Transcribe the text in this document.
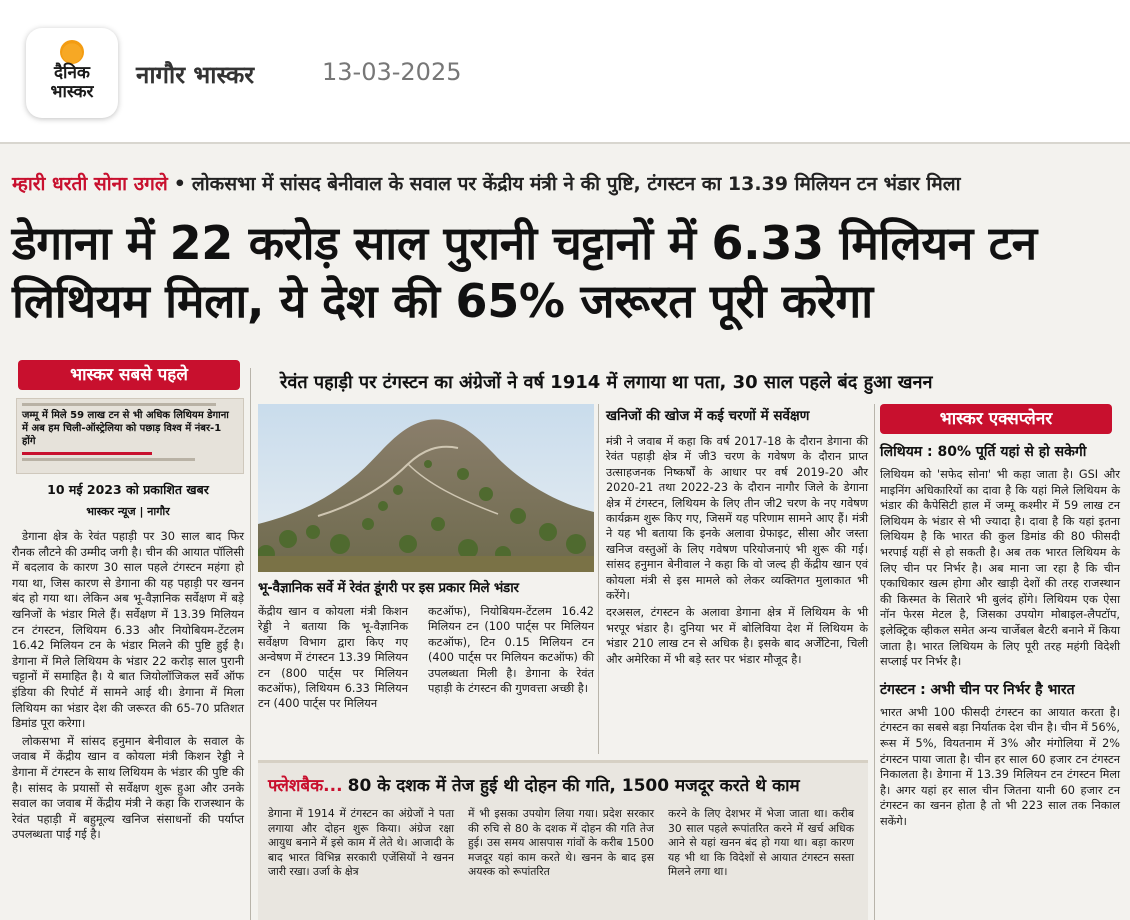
दैनिक
भास्कर
नागौर भास्कर	13-03-2025
म्हारी धरती सोना उगले • लोकसभा में सांसद बेनीवाल के सवाल पर केंद्रीय मंत्री ने की पुष्टि, टंगस्टन का 13.39 मिलियन टन भंडार मिला
डेगाना में 22 करोड़ साल पुरानी चट्टानों में 6.33 मिलियन टन लिथियम मिला, ये देश की 65% जरूरत पूरी करेगा
भास्कर सबसे पहले
जम्मू में मिले 59 लाख टन से भी अधिक लिथियम डेगाना में अब हम चिली-ऑस्ट्रेलिया को पछाड़ विश्व में नंबर-1 होंगे
10 मई 2023 को प्रकाशित खबर
भास्कर न्यूज | नागौर

डेगाना क्षेत्र के रेवंत पहाड़ी पर 30 साल बाद फिर रौनक लौटने की उम्मीद जगी है। चीन की आयात पॉलिसी में बदलाव के कारण 30 साल पहले टंगस्टन महंगा हो गया था, जिस कारण से डेगाना की यह पहाड़ी पर खनन बंद हो गया था। लेकिन अब भू-वैज्ञानिक सर्वेक्षण में बड़े खनिजों के भंडार मिले हैं। सर्वेक्षण में 13.39 मिलियन टन टंगस्टन, लिथियम 6.33 और नियोबियम-टेंटलम 16.42 मिलियन टन के भंडार मिलने की पुष्टि हुई है। डेगाना में मिले लिथियम के भंडार 22 करोड़ साल पुरानी चट्टानों में समाहित है। ये बात जियोलॉजिकल सर्वे ऑफ इंडिया की रिपोर्ट में सामने आई थी। डेगाना में मिला लिथियम का भंडार देश की जरूरत की 65-70 प्रतिशत डिमांड पूरा करेगा।

लोकसभा में सांसद हनुमान बेनीवाल के सवाल के जवाब में केंद्रीय खान व कोयला मंत्री किशन रेड्डी ने डेगाना में टंगस्टन के साथ लिथियम के भंडार की पुष्टि की है। सांसद के प्रयासों से सर्वेक्षण शुरू हुआ और उनके सवाल का जवाब में केंद्रीय मंत्री ने कहा कि राजस्थान के रेवंत पहाड़ी में बहुमूल्य खनिज संसाधनों की पर्याप्त उपलब्धता पाई गई है।

रेवंत पहाड़ी पर टंगस्टन का अंग्रेजों ने वर्ष 1914 में लगाया था पता, 30 साल पहले बंद हुआ खनन
भू-वैज्ञानिक सर्वे में रेवंत डूंगरी पर इस प्रकार मिले भंडार
केंद्रीय खान व कोयला मंत्री किशन रेड्डी ने बताया कि भू-वैज्ञानिक सर्वेक्षण विभाग द्वारा किए गए अन्वेषण में टंगस्टन 13.39 मिलियन टन (800 पार्ट्स पर मिलियन कटऑफ), लिथियम 6.33 मिलियन टन (400 पार्ट्स पर मिलियन
कटऑफ), नियोबियम-टेंटलम 16.42 मिलियन टन (100 पार्ट्स पर मिलियन कटऑफ), टिन 0.15 मिलियन टन (400 पार्ट्स पर मिलियन कटऑफ) की उपलब्धता मिली है। डेगाना के रेवंत पहाड़ी के टंगस्टन की गुणवत्ता अच्छी है।
खनिजों की खोज में कई चरणों में सर्वेक्षण

मंत्री ने जवाब में कहा कि वर्ष 2017-18 के दौरान डेगाना की रेवंत पहाड़ी क्षेत्र में जी3 चरण के गवेषण के दौरान प्राप्त उत्साहजनक निष्कर्षों के आधार पर वर्ष 2019-20 और 2020-21 तथा 2022-23 के दौरान नागौर जिले के डेगाना क्षेत्र में टंगस्टन, लिथियम के लिए तीन जी2 चरण के नए गवेषण कार्यक्रम शुरू किए गए, जिसमें यह परिणाम सामने आए हैं। मंत्री ने यह भी बताया कि इनके अलावा ग्रेफाइट, सीसा और जस्ता खनिज वस्तुओं के लिए गवेषण परियोजनाएं भी शुरू की गई। सांसद हनुमान बेनीवाल ने कहा कि वो जल्द ही केंद्रीय खान एवं कोयला मंत्री से इस मामले को लेकर व्यक्तिगत मुलाकात भी करेंगे।

दरअसल, टंगस्टन के अलावा डेगाना क्षेत्र में लिथियम के भी भरपूर भंडार है। दुनिया भर में बोलिविया देश में लिथियम के भंडार 210 लाख टन से अधिक है। इसके बाद अर्जेंटिना, चिली और अमेरिका में भी बड़े स्तर पर भंडार मौजूद है।

भास्कर एक्सप्लेनर
लिथियम : 80% पूर्ति यहां से हो सकेगी
लिथियम को 'सफेद सोना' भी कहा जाता है। GSI और माइनिंग अधिकारियों का दावा है कि यहां मिले लिथियम के भंडार की कैपेसिटी हाल में जम्मू कश्मीर में 59 लाख टन लिथियम के भंडार से भी ज्यादा है। दावा है कि यहां इतना लिथियम है कि भारत की कुल डिमांड की 80 फीसदी भरपाई यहीं से हो सकती है। अब तक भारत लिथियम के लिए चीन पर निर्भर है। अब माना जा रहा है कि चीन एकाधिकार खत्म होगा और खाड़ी देशों की तरह राजस्थान की किस्मत के सितारे भी बुलंद होंगे। लिथियम एक ऐसा नॉन फेरस मेटल है, जिसका उपयोग मोबाइल-लैपटॉप, इलेक्ट्रिक व्हीकल समेत अन्य चार्जेबल बैटरी बनाने में किया जाता है। भारत लिथियम के लिए पूरी तरह महंगी विदेशी सप्लाई पर निर्भर है।
टंगस्टन : अभी चीन पर निर्भर है भारत
भारत अभी 100 फीसदी टंगस्टन का आयात करता है। टंगस्टन का सबसे बड़ा निर्यातक देश चीन है। चीन में 56%, रूस में 5%, वियतनाम में 3% और मंगोलिया में 2% टंगस्टन पाया जाता है। चीन हर साल 60 हजार टन टंगस्टन निकालता है। डेगाना में 13.39 मिलियन टन टंगस्टन मिला है। अगर यहां हर साल चीन जितना यानी 60 हजार टन टंगस्टन का खनन होता है तो भी 223 साल तक निकाल सकेंगे।
फ्लेशबैक... 80 के दशक में तेज हुई थी दोहन की गति, 1500 मजदूर करते थे काम
डेगाना में 1914 में टंगस्टन का अंग्रेजों ने पता लगाया और दोहन शुरू किया। अंग्रेज रक्षा आयुध बनाने में इसे काम में लेते थे। आजादी के बाद भारत विभिन्न सरकारी एजेंसियों ने खनन जारी रखा। उर्जा के क्षेत्र
में भी इसका उपयोग लिया गया। प्रदेश सरकार की रुचि से 80 के दशक में दोहन की गति तेज हुई। उस समय आसपास गांवों के करीब 1500 मजदूर यहां काम करते थे। खनन के बाद इस अयस्क को रूपांतरित
करने के लिए देशभर में भेजा जाता था। करीब 30 साल पहले रूपांतरित करने में खर्च अधिक आने से यहां खनन बंद हो गया था। बड़ा कारण यह भी था कि विदेशों से आयात टंगस्टन सस्ता मिलने लगा था।
